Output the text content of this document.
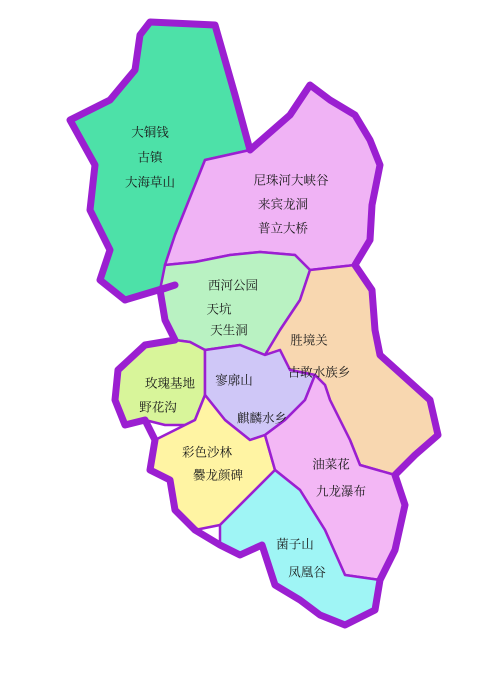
大铜钱
古镇
大海草山	尼珠河大峡谷
来宾龙洞
普立大桥
西河公园
天坑
天生洞
胜境关
古敢水族乡
玫瑰基地
野花沟
寥廓山
麒麟水乡
彩色沙林
爨龙颜碑
油菜花
九龙瀑布
菌子山
凤凰谷
